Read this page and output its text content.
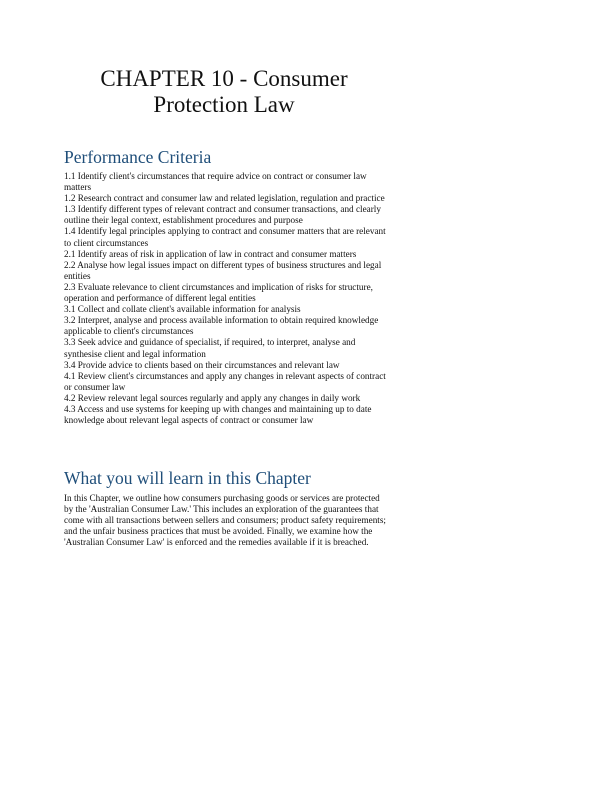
CHAPTER 10 - Consumer
Protection Law
Performance Criteria
1.1 Identify client's circumstances that require advice on contract or consumer law matters
1.2 Research contract and consumer law and related legislation, regulation and practice
1.3 Identify different types of relevant contract and consumer transactions, and clearly outline their legal context, establishment procedures and purpose
1.4 Identify legal principles applying to contract and consumer matters that are relevant to client circumstances
2.1 Identify areas of risk in application of law in contract and consumer matters
2.2 Analyse how legal issues impact on different types of business structures and legal entities
2.3 Evaluate relevance to client circumstances and implication of risks for structure, operation and performance of different legal entities
3.1 Collect and collate client's available information for analysis
3.2 Interpret, analyse and process available information to obtain required knowledge applicable to client's circumstances
3.3 Seek advice and guidance of specialist, if required, to interpret, analyse and synthesise client and legal information
3.4 Provide advice to clients based on their circumstances and relevant law
4.1 Review client's circumstances and apply any changes in relevant aspects of contract or consumer law
4.2 Review relevant legal sources regularly and apply any changes in daily work
4.3 Access and use systems for keeping up with changes and maintaining up to date knowledge about relevant legal aspects of contract or consumer law
What you will learn in this Chapter

In this Chapter, we outline how consumers purchasing goods or services are protected by the 'Australian Consumer Law.' This includes an exploration of the guarantees that come with all transactions between sellers and consumers; product safety requirements; and the unfair business practices that must be avoided. Finally, we examine how the 'Australian Consumer Law' is enforced and the remedies available if it is breached.
